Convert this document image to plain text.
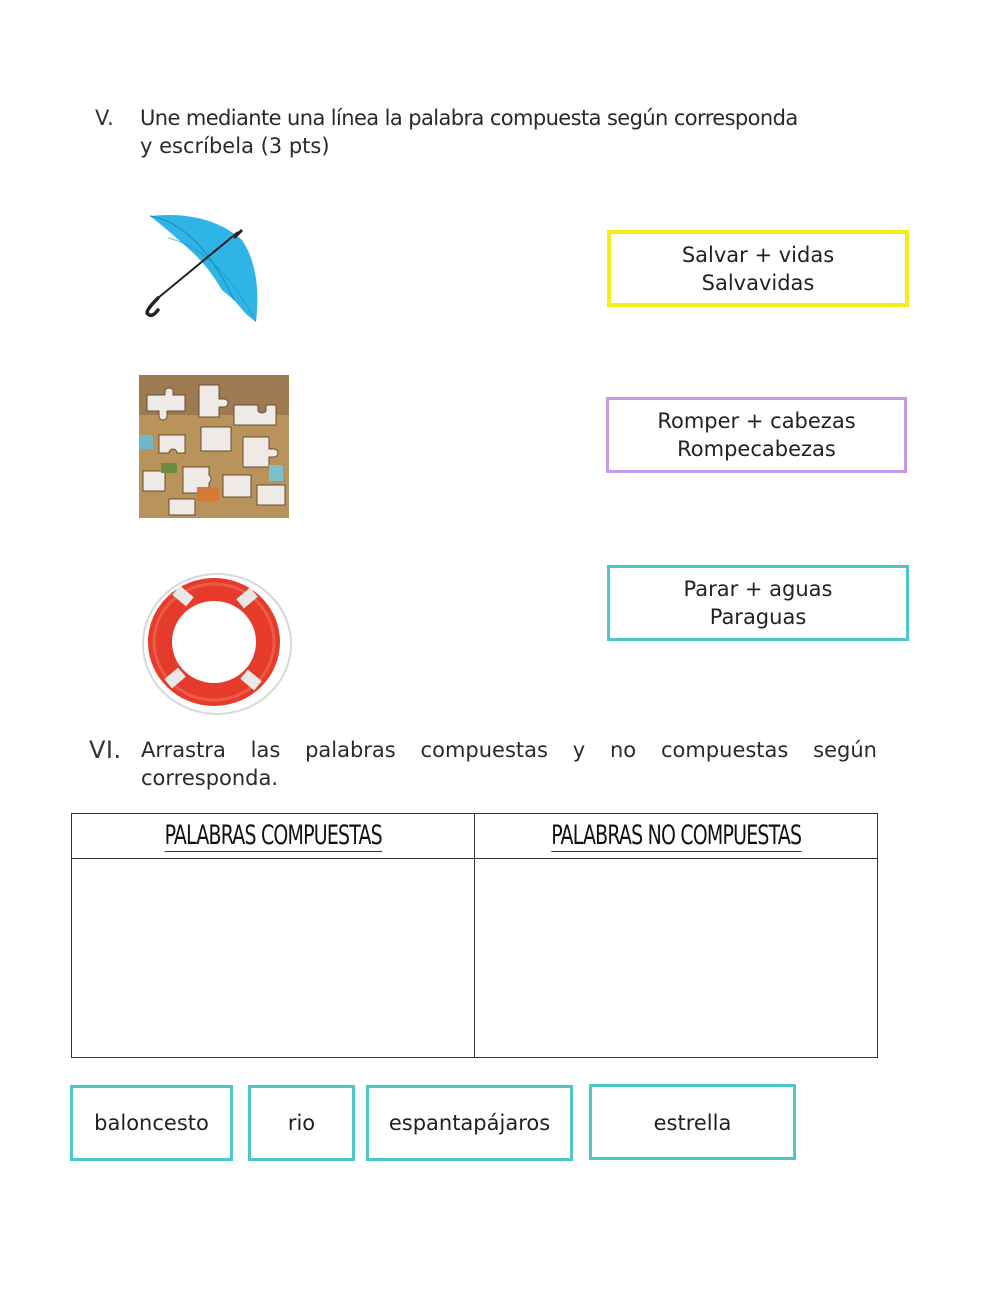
V. Une mediante una línea la palabra compuesta según corresponda
y escríbela (3 pts)
Salvar + vidas
Salvavidas
Romper + cabezas
Rompecabezas
Parar + aguas
Paraguas
VI. Arrastra las palabras compuestas y no compuestas según
corresponda.
PALABRAS COMPUESTAS	PALABRAS NO COMPUESTAS
baloncesto	rio	espantapájaros	estrella
